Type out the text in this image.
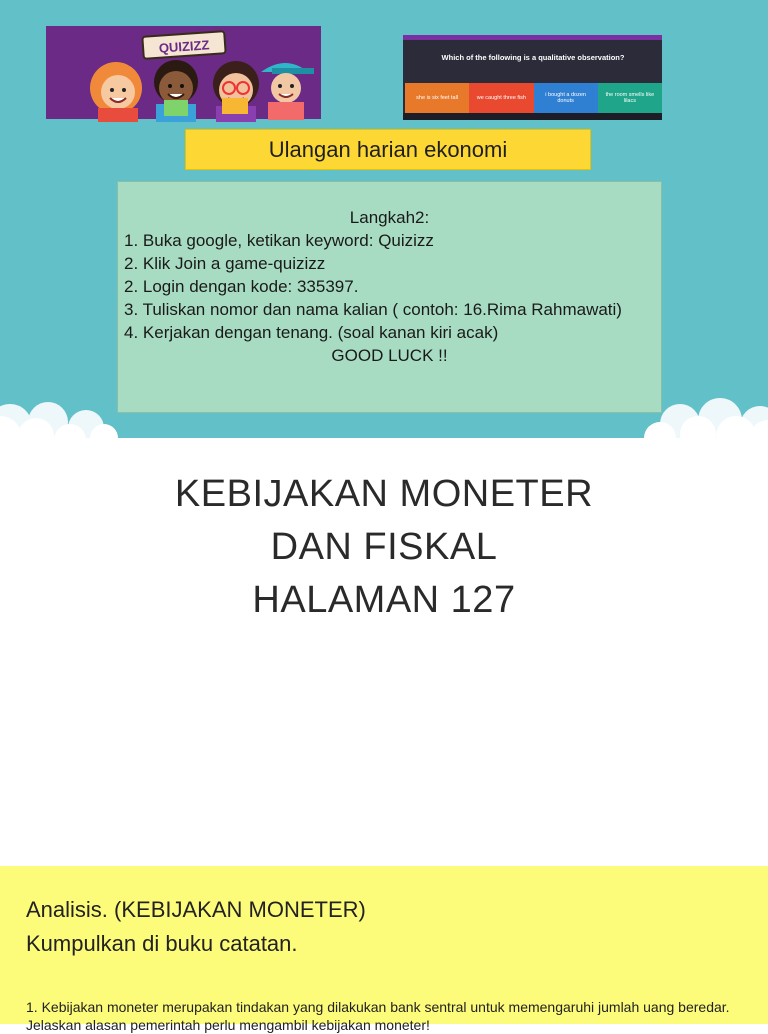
QUIZIZZ
Which of the following is a qualitative observation?
she is six feet tall	we caught three fish
i bought a dozen donuts
the room smells like lilacs
Ulangan harian ekonomi

Langkah2:

1. Buka google, ketikan keyword: Quizizz

2. Klik Join a game-quizizz

2. Login dengan kode: 335397.

3. Tuliskan nomor dan nama kalian ( contoh: 16.Rima Rahmawati)

4. Kerjakan dengan tenang. (soal kanan kiri acak)

GOOD LUCK !!

KEBIJAKAN MONETER
DAN FISKAL
HALAMAN 127
Analisis. (KEBIJAKAN MONETER)
Kumpulkan di buku catatan.
1. Kebijakan moneter merupakan tindakan yang dilakukan bank sentral untuk memengaruhi jumlah uang beredar. Jelaskan alasan pemerintah perlu mengambil kebijakan moneter!
